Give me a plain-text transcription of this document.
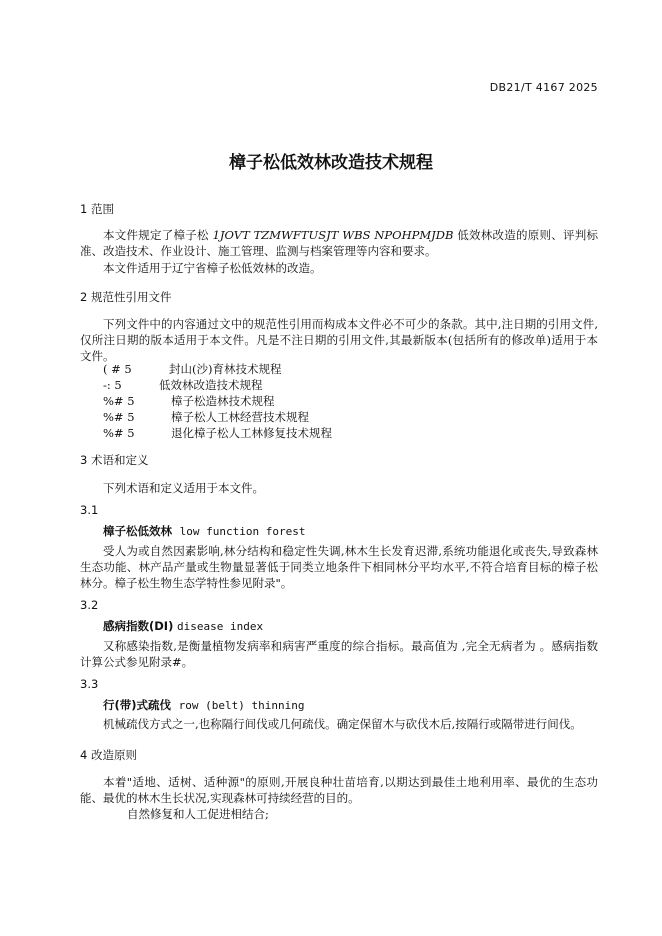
DB21/T 4167 2025
樟子松低效林改造技术规程
1 范围
本文件规定了樟子松 1JOVT TZMWFTUSJT WBS NPOHPMJDB 低效林改造的原则、评判标准、改造技术、作业设计、施工管理、监测与档案管理等内容和要求。
本文件适用于辽宁省樟子松低效林的改造。
2 规范性引用文件
下列文件中的内容通过文中的规范性引用而构成本文件必不可少的条款。其中,注日期的引用文件,仅所注日期的版本适用于本文件。凡是不注日期的引用文件,其最新版本(包括所有的修改单)适用于本文件。
( # 5	封山(沙)育林技术规程
-: 5	低效林改造技术规程
%# 5	樟子松造林技术规程
%# 5	樟子松人工林经营技术规程
%# 5	退化樟子松人工林修复技术规程
3 术语和定义
下列术语和定义适用于本文件。
3.1
樟子松低效林 low function forest
受人为或自然因素影响,林分结构和稳定性失调,林木生长发育迟滞,系统功能退化或丧失,导致森林生态功能、林产品产量或生物量显著低于同类立地条件下相同林分平均水平,不符合培育目标的樟子松林分。樟子松生物生态学特性参见附录"。
3.2
感病指数(DI) disease index
又称感染指数,是衡量植物发病率和病害严重度的综合指标。最高值为 ,完全无病者为 。感病指数计算公式参见附录#。
3.3
行(带)式疏伐 row (belt) thinning
机械疏伐方式之一,也称隔行间伐或几何疏伐。确定保留木与砍伐木后,按隔行或隔带进行间伐。
4 改造原则
本着"适地、适树、适种源"的原则,开展良种壮苗培育,以期达到最佳土地利用率、最优的生态功能、最优的林木生长状况,实现森林可持续经营的目的。
自然修复和人工促进相结合;
